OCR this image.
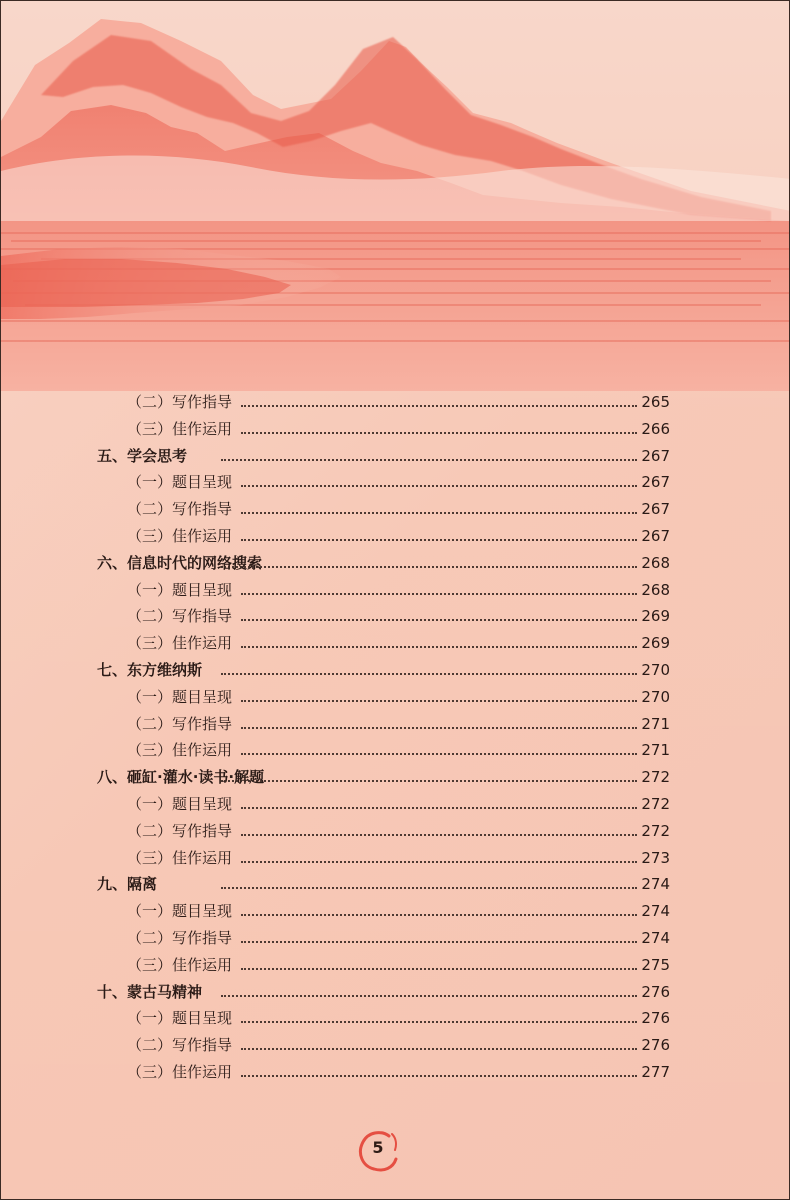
（二）写作指导	265
（三）佳作运用	266
五、学会思考	267
（一）题目呈现	267
（二）写作指导	267
（三）佳作运用	267
六、信息时代的网络搜索	268
（一）题目呈现	268
（二）写作指导	269
（三）佳作运用	269
七、东方维纳斯	270
（一）题目呈现	270
（二）写作指导	271
（三）佳作运用	271
八、砸缸·灌水·读书·解题	272
（一）题目呈现	272
（二）写作指导	272
（三）佳作运用	273
九、隔离	274
（一）题目呈现	274
（二）写作指导	274
（三）佳作运用	275
十、蒙古马精神	276
（一）题目呈现	276
（二）写作指导	276
（三）佳作运用	277
5
